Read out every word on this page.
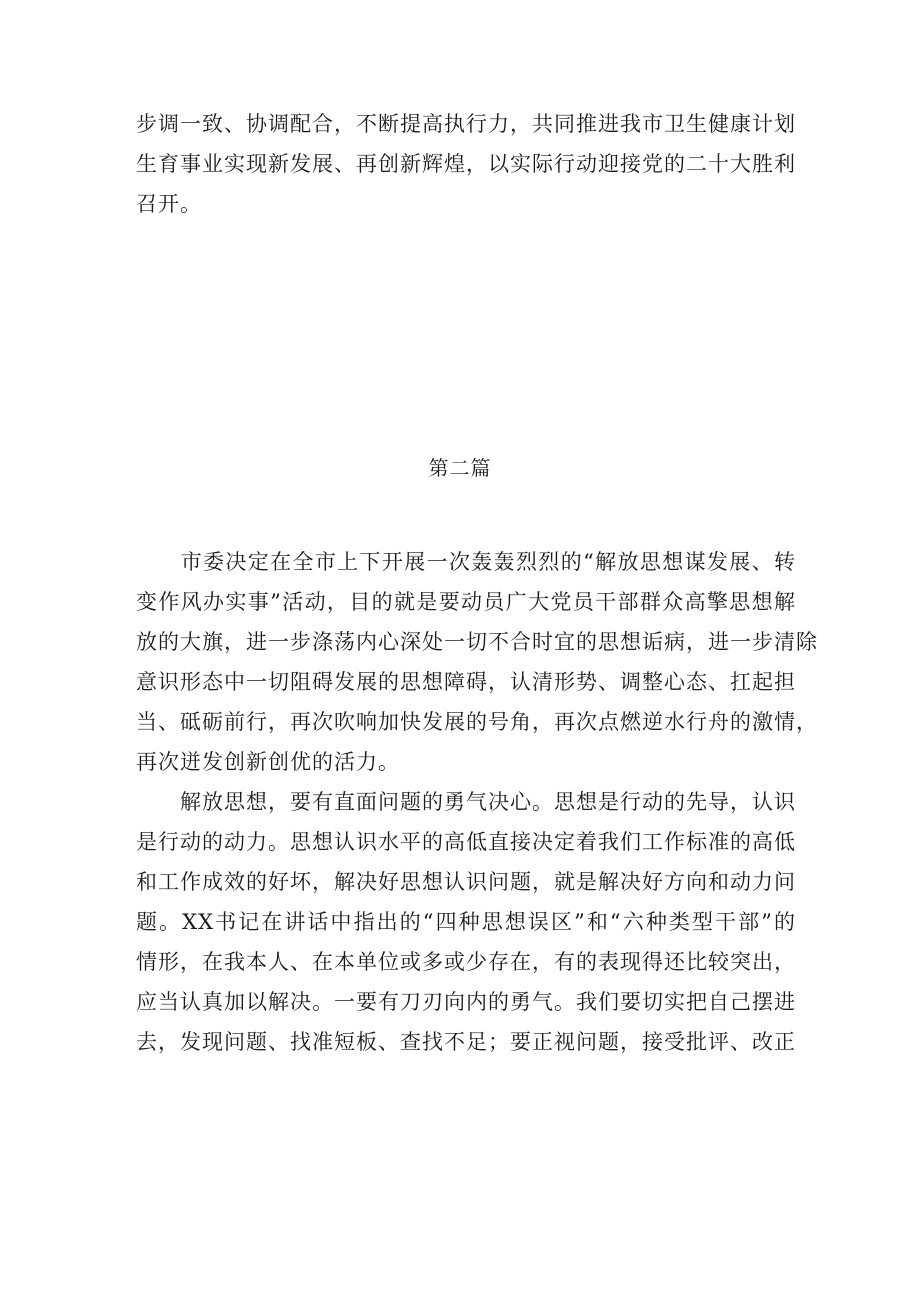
步调一致、协调配合，不断提高执行力，共同推进我市卫生健康计划
生育事业实现新发展、再创新辉煌，以实际行动迎接党的二十大胜利
召开。
第二篇
　　市委决定在全市上下开展一次轰轰烈烈的“解放思想谋发展、转
变作风办实事”活动，目的就是要动员广大党员干部群众高擎思想解
放的大旗，进一步涤荡内心深处一切不合时宜的思想诟病，进一步清除
意识形态中一切阻碍发展的思想障碍，认清形势、调整心态、扛起担
当、砥砺前行，再次吹响加快发展的号角，再次点燃逆水行舟的激情，
再次迸发创新创优的活力。
　　解放思想，要有直面问题的勇气决心。思想是行动的先导，认识
是行动的动力。思想认识水平的高低直接决定着我们工作标准的高低
和工作成效的好坏，解决好思想认识问题，就是解决好方向和动力问
题。XX书记在讲话中指出的“四种思想误区”和“六种类型干部”的
情形，在我本人、在本单位或多或少存在，有的表现得还比较突出，
应当认真加以解决。一要有刀刃向内的勇气。我们要切实把自己摆进
去，发现问题、找准短板、查找不足；要正视问题，接受批评、改正
